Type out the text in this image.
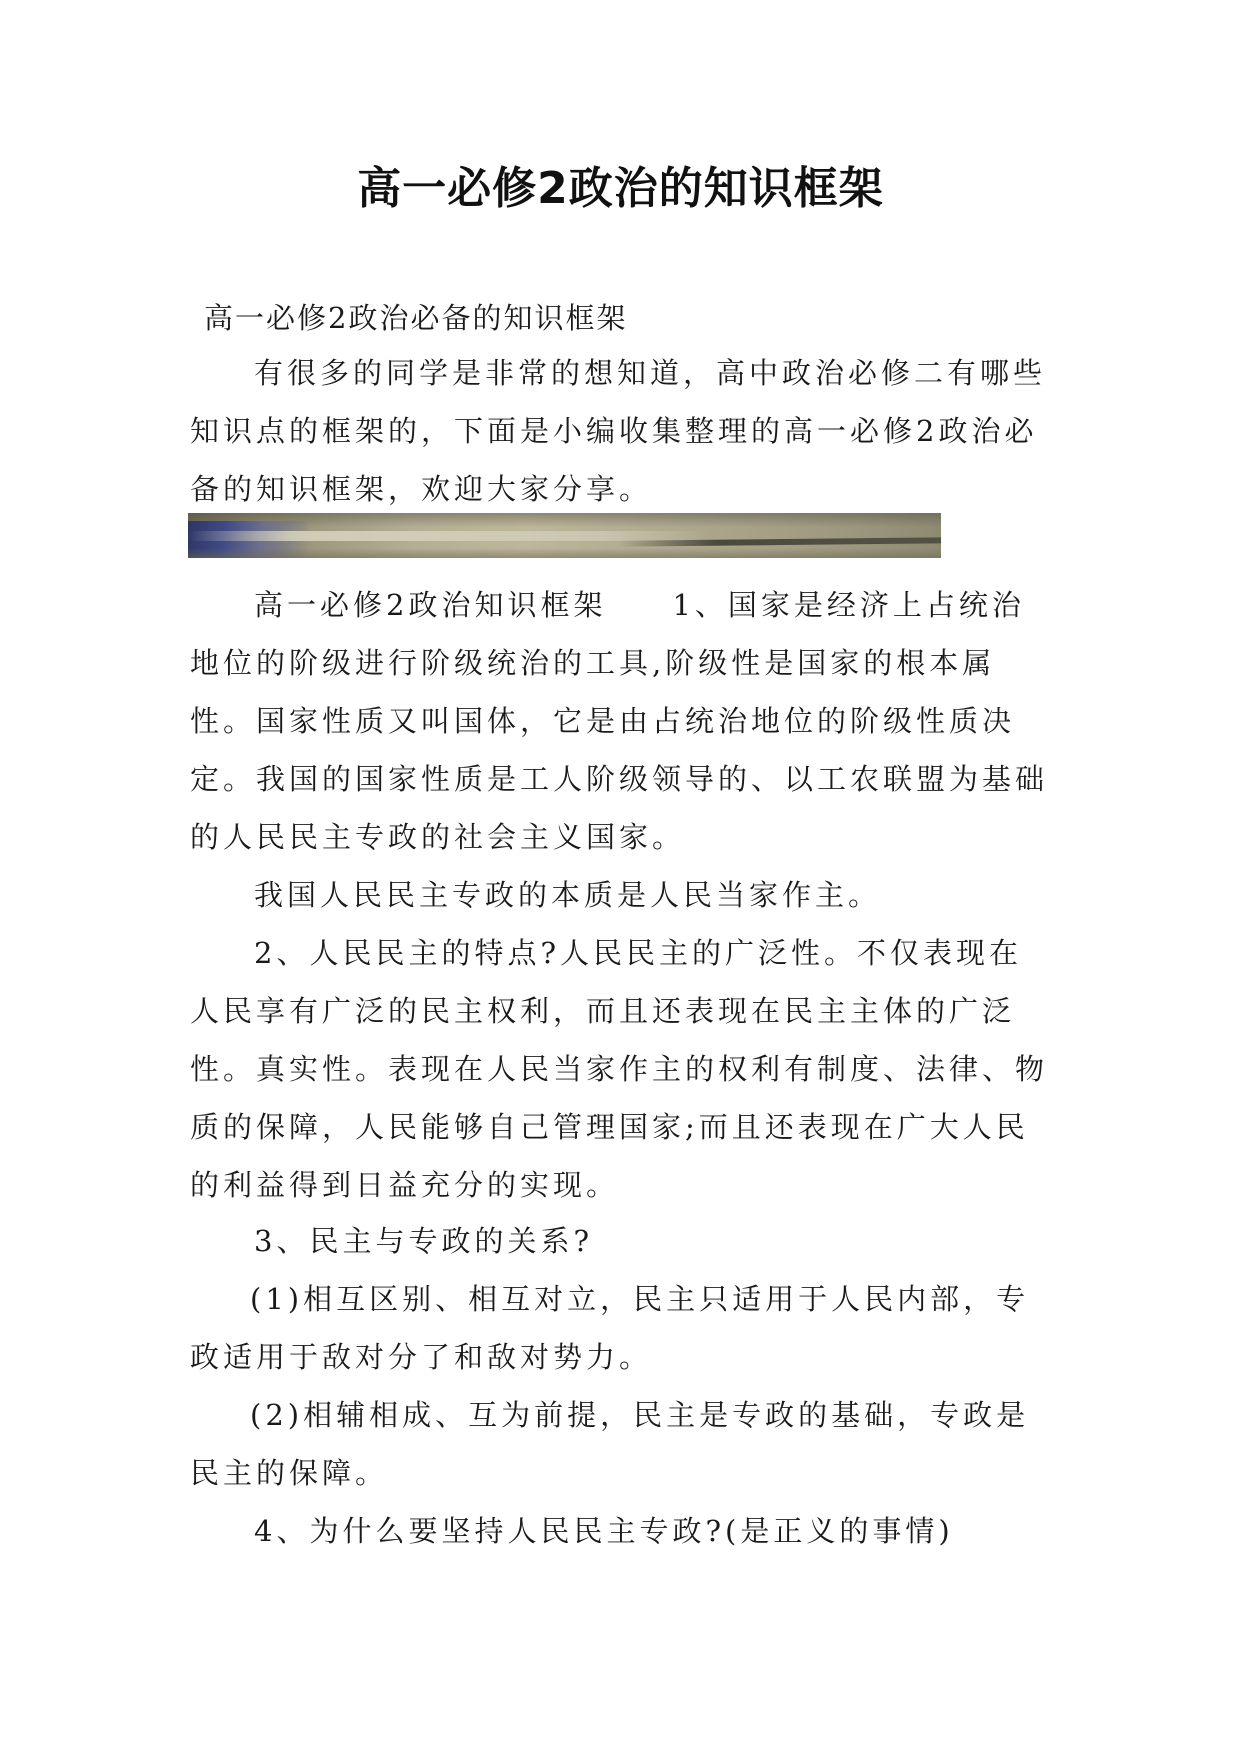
高一必修2政治的知识框架
高一必修2政治必备的知识框架

有很多的同学是非常的想知道，高中政治必修二有哪些知识点的框架的，下面是小编收集整理的高一必修2政治必备的知识框架，欢迎大家分享。

高一必修2政治知识框架　　1、国家是经济上占统治地位的阶级进行阶级统治的工具,阶级性是国家的根本属性。国家性质又叫国体，它是由占统治地位的阶级性质决定。我国的国家性质是工人阶级领导的、以工农联盟为基础的人民民主专政的社会主义国家。

我国人民民主专政的本质是人民当家作主。

2、人民民主的特点?人民民主的广泛性。不仅表现在人民享有广泛的民主权利，而且还表现在民主主体的广泛性。真实性。表现在人民当家作主的权利有制度、法律、物质的保障，人民能够自己管理国家;而且还表现在广大人民的利益得到日益充分的实现。

3、民主与专政的关系?

(1)相互区别、相互对立，民主只适用于人民内部，专政适用于敌对分了和敌对势力。

(2)相辅相成、互为前提，民主是专政的基础，专政是民主的保障。

4、为什么要坚持人民民主专政?(是正义的事情)
